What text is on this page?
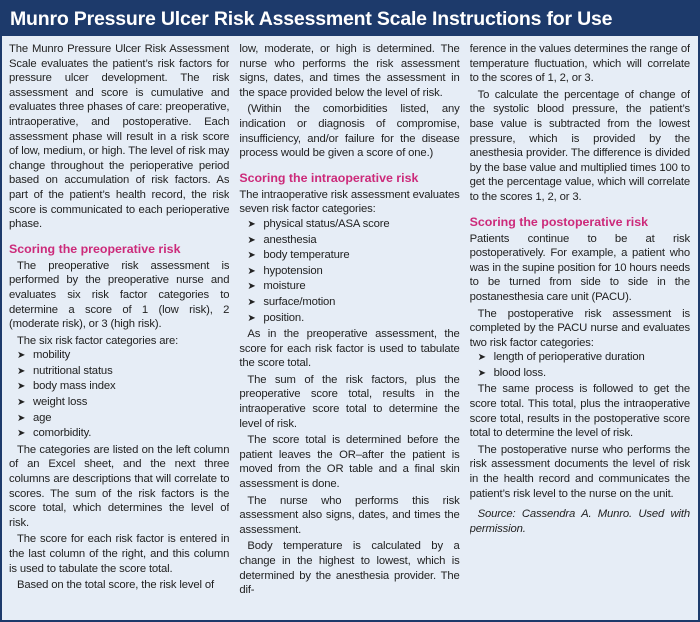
Munro Pressure Ulcer Risk Assessment Scale Instructions for Use

The Munro Pressure Ulcer Risk Assessment Scale evaluates the patient’s risk factors for pressure ulcer development. The risk assessment and score is cumulative and evaluates three phases of care: preoperative, intraoperative, and postoperative. Each assessment phase will result in a risk score of low, medium, or high. The level of risk may change throughout the perioperative period based on accumulation of risk factors. As part of the patient’s health record, the risk score is communicated to each perioperative phase.

Scoring the preoperative risk

The preoperative risk assessment is performed by the preoperative nurse and evaluates six risk factor categories to determine a score of 1 (low risk), 2 (moderate risk), or 3 (high risk).

The six risk factor categories are:

➤ mobility
➤ nutritional status
➤ body mass index
➤ weight loss
➤ age
➤ comorbidity.

The categories are listed on the left column of an Excel sheet, and the next three columns are descriptions that will correlate to scores. The sum of the risk factors is the score total, which determines the level of risk.

The score for each risk factor is entered in the last column of the right, and this column is used to tabulate the score total.

Based on the total score, the risk level of

low, moderate, or high is determined. The nurse who performs the risk assessment signs, dates, and times the assessment in the space provided below the level of risk.

(Within the comorbidities listed, any indication or diagnosis of compromise, insufficiency, and/or failure for the disease process would be given a score of one.)

Scoring the intraoperative risk

The intraoperative risk assessment evaluates seven risk factor categories:

➤ physical status/ASA score
➤ anesthesia
➤ body temperature
➤ hypotension
➤ moisture
➤ surface/motion
➤ position.

As in the preoperative assessment, the score for each risk factor is used to tabulate the score total.

The sum of the risk factors, plus the preoperative score total, results in the intraoperative score total to determine the level of risk.

The score total is determined before the patient leaves the OR–after the patient is moved from the OR table and a final skin assessment is done.

The nurse who performs this risk assessment also signs, dates, and times the assessment.

Body temperature is calculated by a change in the highest to lowest, which is determined by the anesthesia provider. The dif-

ference in the values determines the range of temperature fluctuation, which will correlate to the scores of 1, 2, or 3.

To calculate the percentage of change of the systolic blood pressure, the patient’s base value is subtracted from the lowest pressure, which is provided by the anesthesia provider. The difference is divided by the base value and multiplied times 100 to get the percentage value, which will correlate to the scores 1, 2, or 3.

Scoring the postoperative risk

Patients continue to be at risk postoperatively. For example, a patient who was in the supine position for 10 hours needs to be turned from side to side in the postanesthesia care unit (PACU).

The postoperative risk assessment is completed by the PACU nurse and evaluates two risk factor categories:

➤ length of perioperative duration
➤ blood loss.

The same process is followed to get the score total. This total, plus the intraoperative score total, results in the postoperative score total to determine the level of risk.

The postoperative nurse who performs the risk assessment documents the level of risk in the health record and communicates the patient’s risk level to the nurse on the unit.

Source: Cassendra A. Munro. Used with permission.
